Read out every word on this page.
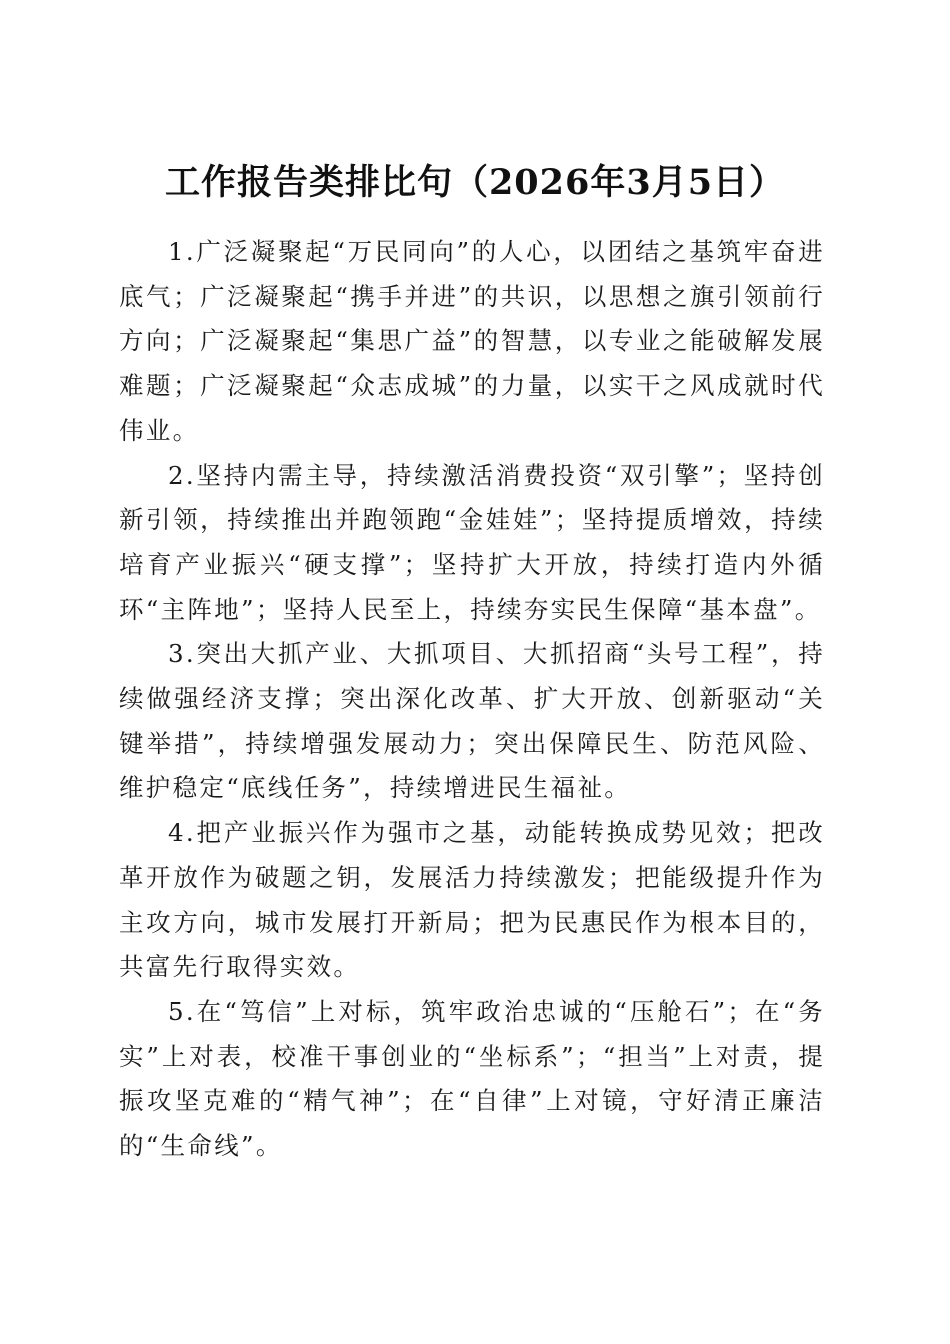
工作报告类排比句（2026年3月5日）

1.广泛凝聚起“万民同向”的人心，以团结之基筑牢奋进底气；广泛凝聚起“携手并进”的共识，以思想之旗引领前行方向；广泛凝聚起“集思广益”的智慧，以专业之能破解发展难题；广泛凝聚起“众志成城”的力量，以实干之风成就时代伟业。

2.坚持内需主导，持续激活消费投资“双引擎”；坚持创新引领，持续推出并跑领跑“金娃娃”；坚持提质增效，持续培育产业振兴“硬支撑”；坚持扩大开放，持续打造内外循环“主阵地”；坚持人民至上，持续夯实民生保障“基本盘”。

3.突出大抓产业、大抓项目、大抓招商“头号工程”，持续做强经济支撑；突出深化改革、扩大开放、创新驱动“关键举措”，持续增强发展动力；突出保障民生、防范风险、维护稳定“底线任务”，持续增进民生福祉。

4.把产业振兴作为强市之基，动能转换成势见效；把改革开放作为破题之钥，发展活力持续激发；把能级提升作为主攻方向，城市发展打开新局；把为民惠民作为根本目的，共富先行取得实效。

5.在“笃信”上对标，筑牢政治忠诚的“压舱石”；在“务实”上对表，校准干事创业的“坐标系”；“担当”上对责，提振攻坚克难的“精气神”；在“自律”上对镜，守好清正廉洁的“生命线”。
